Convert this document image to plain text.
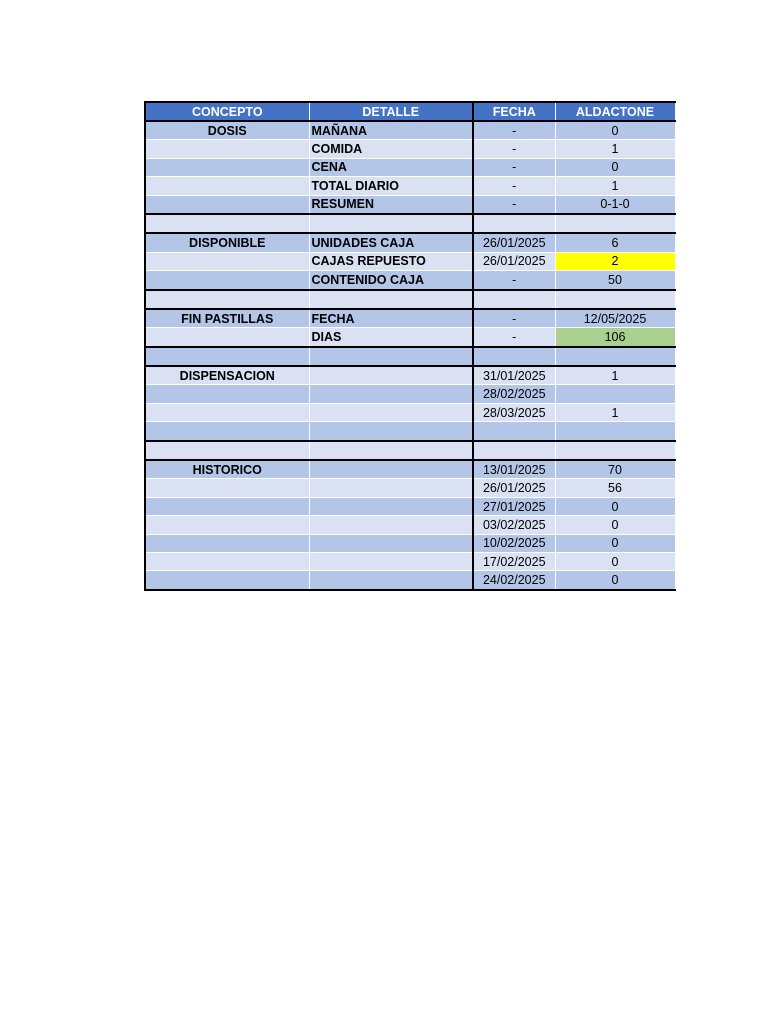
CONCEPTO	DETALLE	FECHA	ALDACTONE
DOSIS	MAÑANA	-	0
	COMIDA	-	1
	CENA	-	0
	TOTAL DIARIO	-	1
	RESUMEN	-	0-1-0

DISPONIBLE	UNIDADES CAJA	26/01/2025	6
	CAJAS REPUESTO	26/01/2025	2
	CONTENIDO CAJA	-	50

FIN PASTILLAS	FECHA	-	12/05/2025
	DIAS	-	106

DISPENSACION		31/01/2025	1
		28/02/2025	
		28/03/2025	1

HISTORICO		13/01/2025	70
		26/01/2025	56
		27/01/2025	0
		03/02/2025	0
		10/02/2025	0
		17/02/2025	0
		24/02/2025	0
